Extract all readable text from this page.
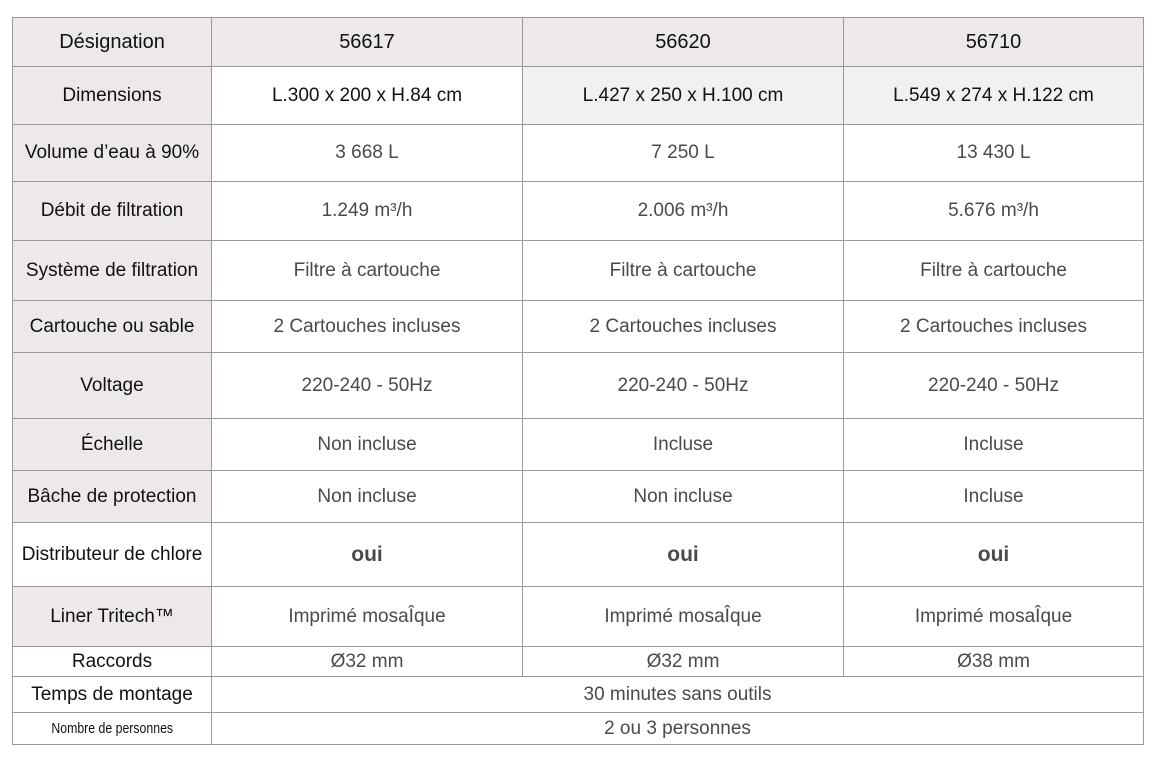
Désignation	56617	56620	56710
Dimensions	L.300 x 200 x H.84 cm	L.427 x 250 x H.100 cm	L.549 x 274 x H.122 cm
Volume d’eau à 90%	3 668 L	7 250 L	13 430 L
Débit de filtration	1.249 m³/h	2.006 m³/h	5.676 m³/h
Système de filtration	Filtre à cartouche	Filtre à cartouche	Filtre à cartouche
Cartouche ou sable	2 Cartouches incluses	2 Cartouches incluses	2 Cartouches incluses
Voltage	220-240 - 50Hz	220-240 - 50Hz	220-240 - 50Hz
Échelle	Non incluse	Incluse	Incluse
Bâche de protection	Non incluse	Non incluse	Incluse
Distributeur de chlore	oui	oui	oui
Liner Tritech™	Imprimé mosaÎque	Imprimé mosaÎque	Imprimé mosaÎque
Raccords	Ø32 mm	Ø32 mm	Ø38 mm
Temps de montage	30 minutes sans outils
Nombre de personnes	2 ou 3 personnes
